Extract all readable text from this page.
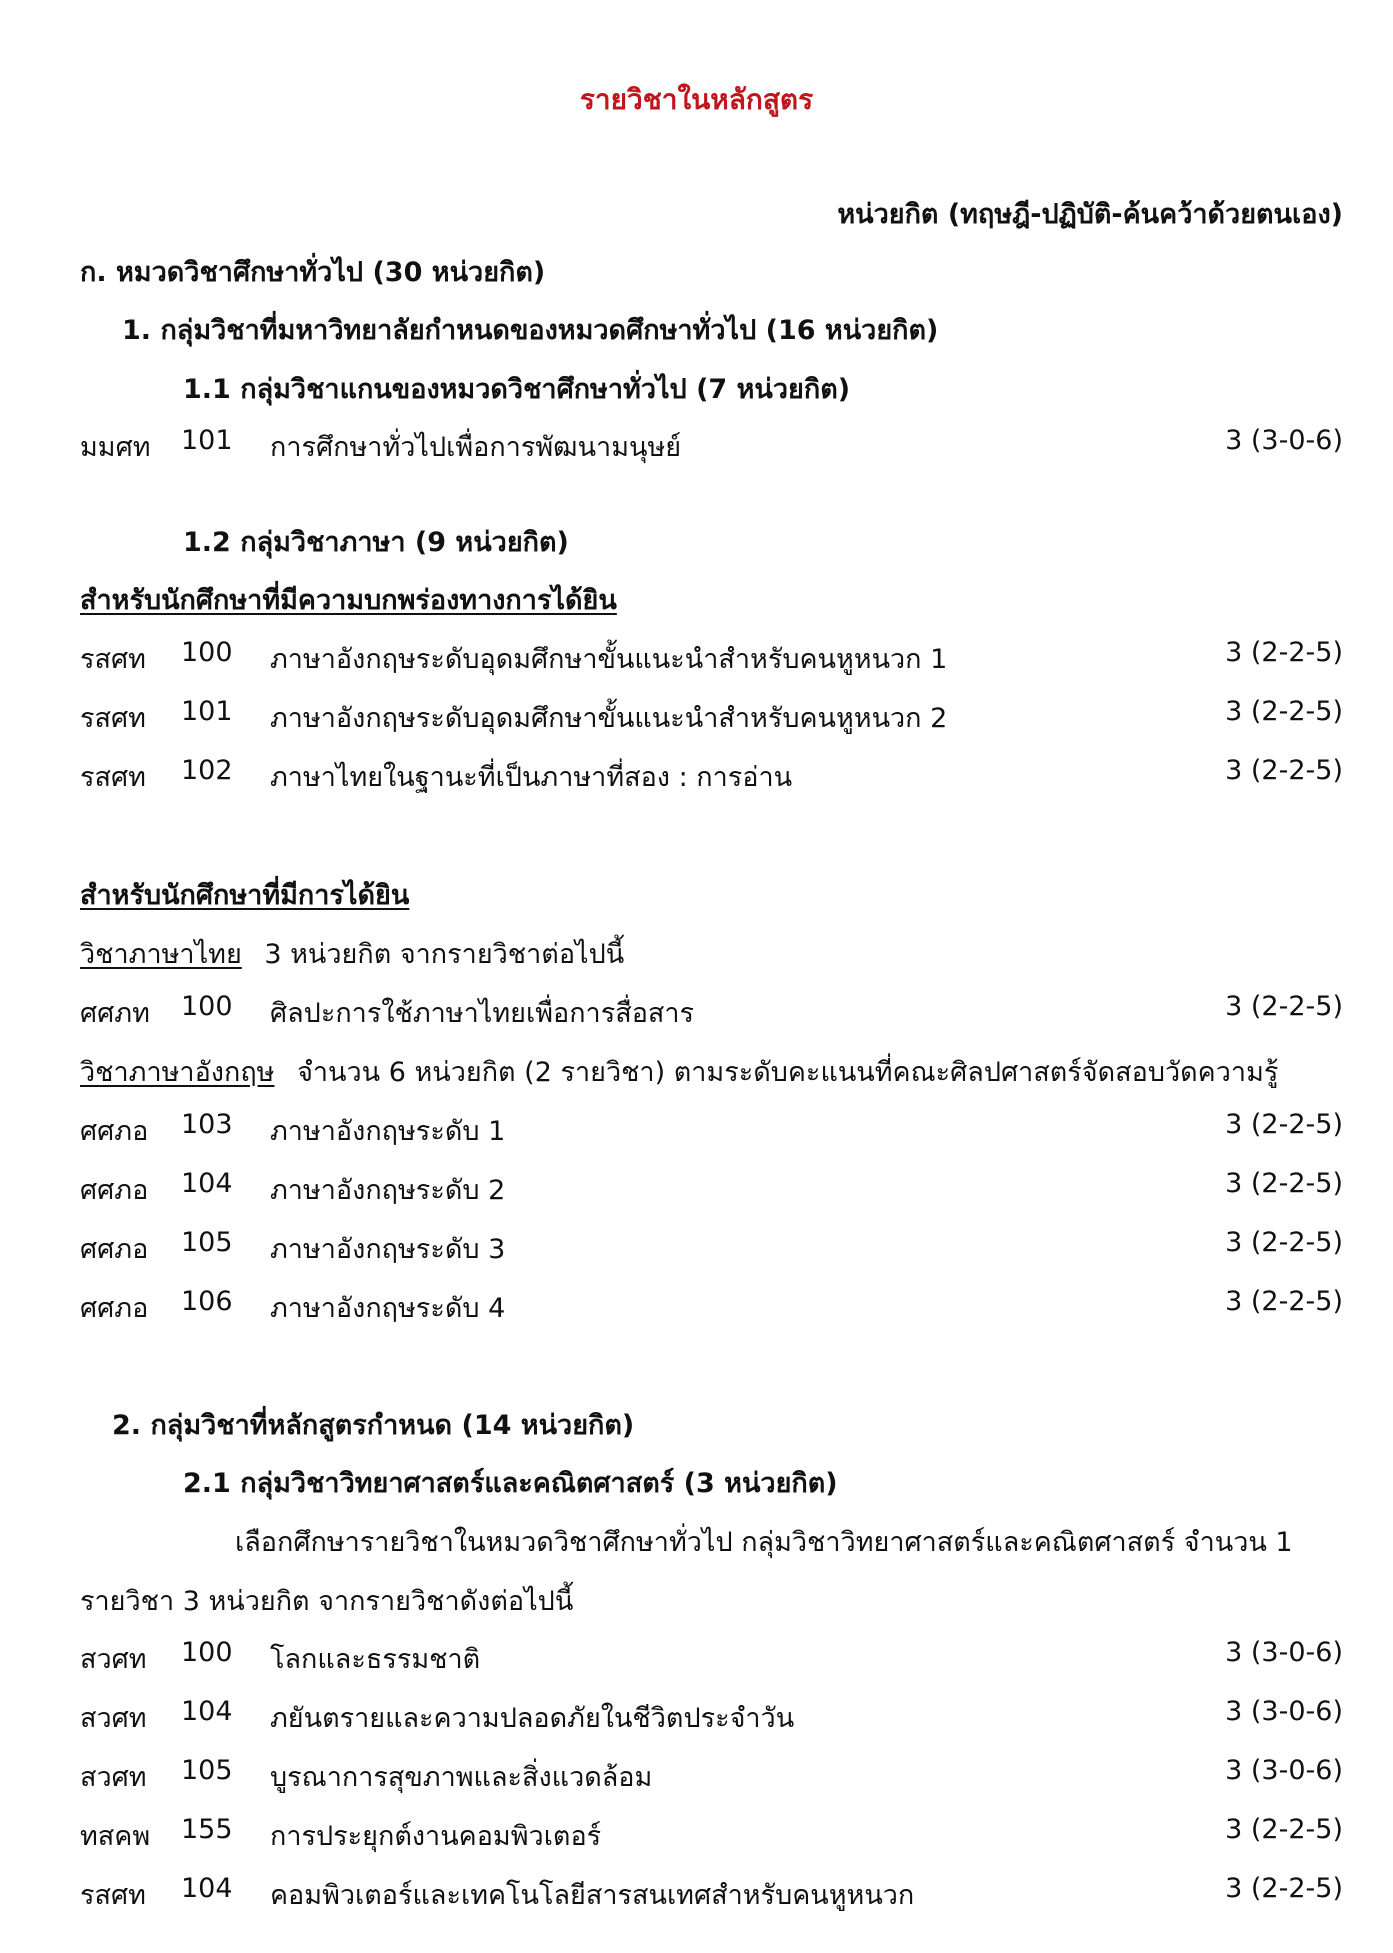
รายวิชาในหลักสูตร
หน่วยกิต (ทฤษฎี-ปฏิบัติ-ค้นคว้าด้วยตนเอง)
ก. หมวดวิชาศึกษาทั่วไป (30 หน่วยกิต)
1. กลุ่มวิชาที่มหาวิทยาลัยกำหนดของหมวดศึกษาทั่วไป (16 หน่วยกิต)
1.1 กลุ่มวิชาแกนของหมวดวิชาศึกษาทั่วไป (7 หน่วยกิต)
มมศท 101 การศึกษาทั่วไปเพื่อการพัฒนามนุษย์	3 (3-0-6)
1.2 กลุ่มวิชาภาษา (9 หน่วยกิต)
สำหรับนักศึกษาที่มีความบกพร่องทางการได้ยิน
รสศท 100 ภาษาอังกฤษระดับอุดมศึกษาขั้นแนะนำสำหรับคนหูหนวก 1	3 (2-2-5)
รสศท 101 ภาษาอังกฤษระดับอุดมศึกษาขั้นแนะนำสำหรับคนหูหนวก 2	3 (2-2-5)
รสศท 102 ภาษาไทยในฐานะที่เป็นภาษาที่สอง : การอ่าน	3 (2-2-5)
สำหรับนักศึกษาที่มีการได้ยิน
วิชาภาษาไทย 3 หน่วยกิต จากรายวิชาต่อไปนี้
ศศภท 100 ศิลปะการใช้ภาษาไทยเพื่อการสื่อสาร	3 (2-2-5)
วิชาภาษาอังกฤษ จำนวน 6 หน่วยกิต (2 รายวิชา) ตามระดับคะแนนที่คณะศิลปศาสตร์จัดสอบวัดความรู้
ศศภอ 103 ภาษาอังกฤษระดับ 1	3 (2-2-5)
ศศภอ 104 ภาษาอังกฤษระดับ 2	3 (2-2-5)
ศศภอ 105 ภาษาอังกฤษระดับ 3	3 (2-2-5)
ศศภอ 106 ภาษาอังกฤษระดับ 4	3 (2-2-5)
2. กลุ่มวิชาที่หลักสูตรกำหนด (14 หน่วยกิต)
2.1 กลุ่มวิชาวิทยาศาสตร์และคณิตศาสตร์ (3 หน่วยกิต)
เลือกศึกษารายวิชาในหมวดวิชาศึกษาทั่วไป กลุ่มวิชาวิทยาศาสตร์และคณิตศาสตร์ จำนวน 1
รายวิชา 3 หน่วยกิต จากรายวิชาดังต่อไปนี้
สวศท 100 โลกและธรรมชาติ	3 (3-0-6)
สวศท 104 ภยันตรายและความปลอดภัยในชีวิตประจำวัน	3 (3-0-6)
สวศท 105 บูรณาการสุขภาพและสิ่งแวดล้อม	3 (3-0-6)
ทสคพ 155 การประยุกต์งานคอมพิวเตอร์	3 (2-2-5)
รสศท 104 คอมพิวเตอร์และเทคโนโลยีสารสนเทศสำหรับคนหูหนวก	3 (2-2-5)
